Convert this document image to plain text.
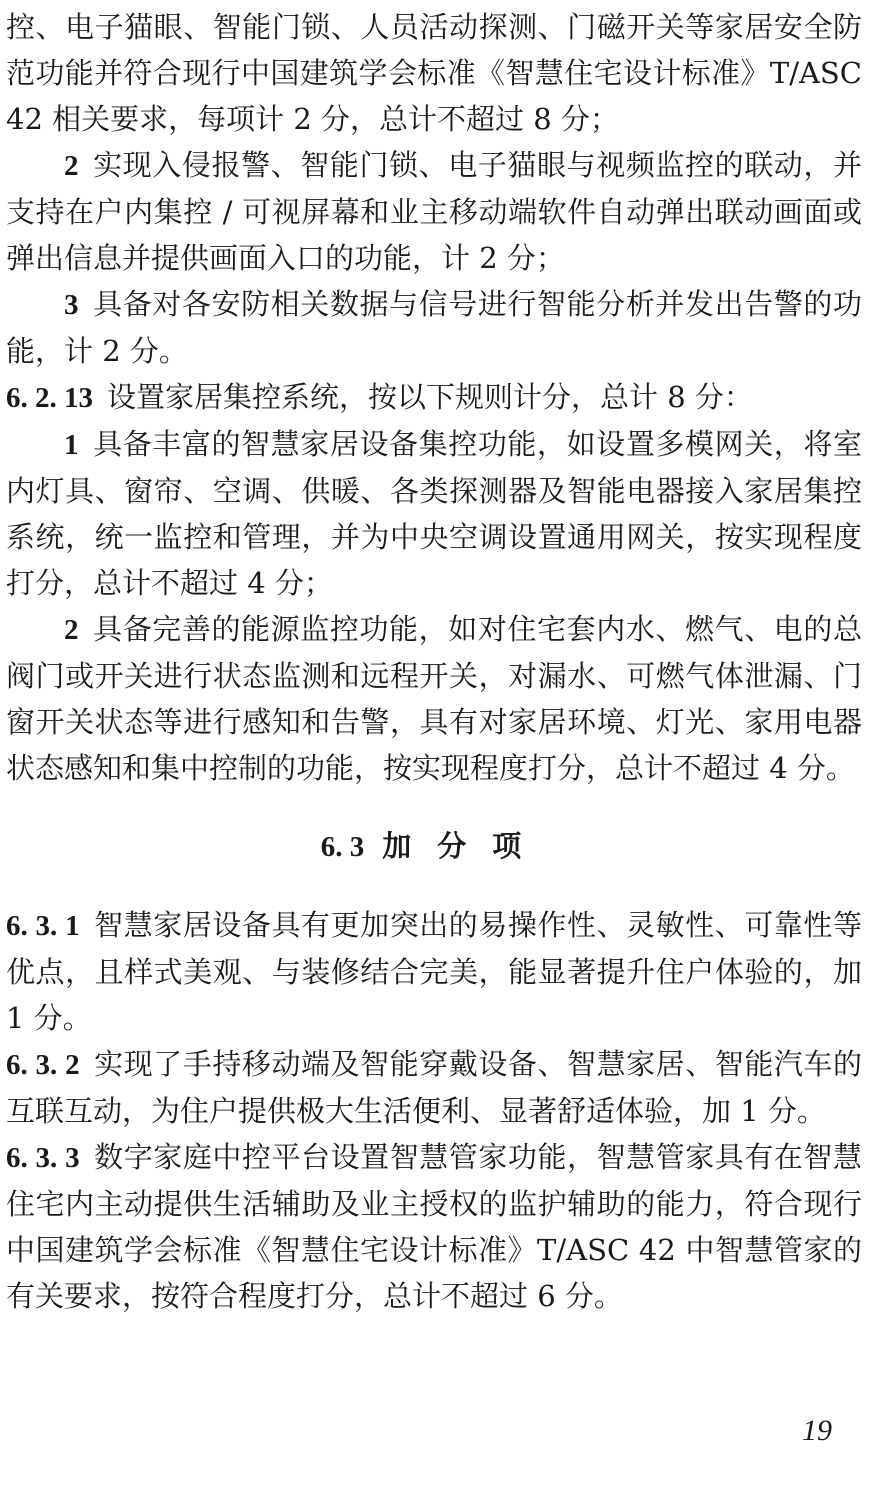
控、电子猫眼、智能门锁、人员活动探测、门磁开关等家居安全防范功能并符合现行中国建筑学会标准《智慧住宅设计标准》T/ASC 42 相关要求，每项计 2 分，总计不超过 8 分；

2 实现入侵报警、智能门锁、电子猫眼与视频监控的联动，并支持在户内集控 / 可视屏幕和业主移动端软件自动弹出联动画面或弹出信息并提供画面入口的功能，计 2 分；

3 具备对各安防相关数据与信号进行智能分析并发出告警的功能，计 2 分。

6. 2. 13 设置家居集控系统，按以下规则计分，总计 8 分：

1 具备丰富的智慧家居设备集控功能，如设置多模网关，将室内灯具、窗帘、空调、供暖、各类探测器及智能电器接入家居集控系统，统一监控和管理，并为中央空调设置通用网关，按实现程度打分，总计不超过 4 分；

2 具备完善的能源监控功能，如对住宅套内水、燃气、电的总阀门或开关进行状态监测和远程开关，对漏水、可燃气体泄漏、门窗开关状态等进行感知和告警，具有对家居环境、灯光、家用电器状态感知和集中控制的功能，按实现程度打分，总计不超过 4 分。

6. 3 加分项

6. 3. 1 智慧家居设备具有更加突出的易操作性、灵敏性、可靠性等优点，且样式美观、与装修结合完美，能显著提升住户体验的，加 1 分。

6. 3. 2 实现了手持移动端及智能穿戴设备、智慧家居、智能汽车的互联互动，为住户提供极大生活便利、显著舒适体验，加 1 分。

6. 3. 3 数字家庭中控平台设置智慧管家功能，智慧管家具有在智慧住宅内主动提供生活辅助及业主授权的监护辅助的能力，符合现行中国建筑学会标准《智慧住宅设计标准》T/ASC 42 中智慧管家的有关要求，按符合程度打分，总计不超过 6 分。

19
